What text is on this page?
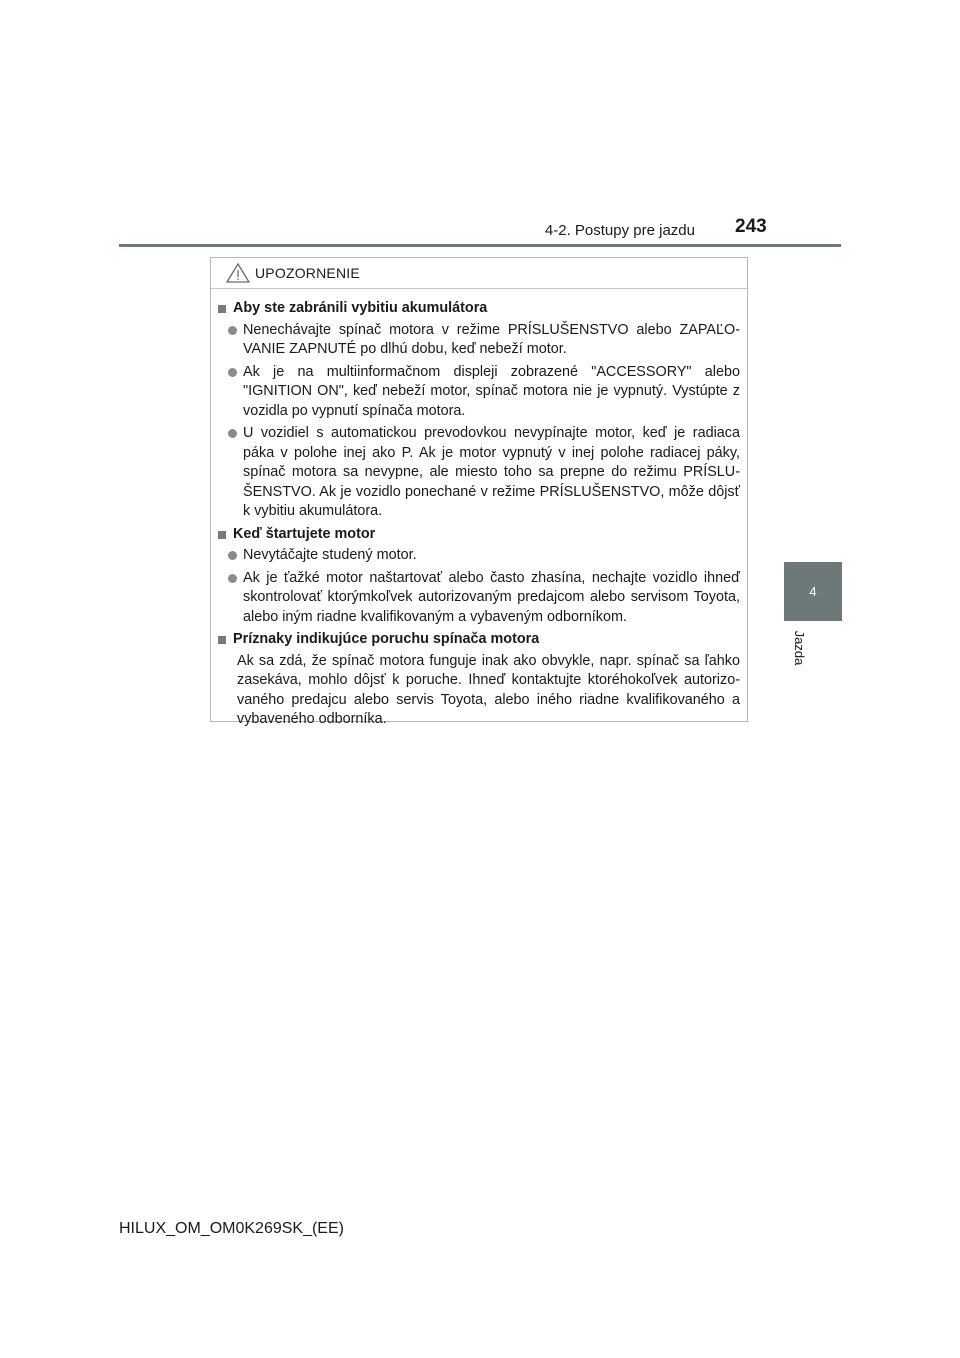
4-2. Postupy pre jazdu 243
4
Jazda
UPOZORNENIE
Aby ste zabránili vybitiu akumulátora
Nenechávajte spínač motora v režime PRÍSLUŠENSTVO alebo ZAPAĽO-VANIE ZAPNUTÉ po dlhú dobu, keď nebeží motor.
Ak je na multiinformačnom displeji zobrazené "ACCESSORY" alebo "IGNITION ON", keď nebeží motor, spínač motora nie je vypnutý. Vystúpte z vozidla po vypnutí spínača motora.
U vozidiel s automatickou prevodovkou nevypínajte motor, keď je radiaca páka v polohe inej ako P. Ak je motor vypnutý v inej polohe radiacej páky, spínač motora sa nevypne, ale miesto toho sa prepne do režimu PRÍSLU-ŠENSTVO. Ak je vozidlo ponechané v režime PRÍSLUŠENSTVO, môže dôjsť k vybitiu akumulátora.
Keď štartujete motor
Nevytáčajte studený motor.
Ak je ťažké motor naštartovať alebo často zhasína, nechajte vozidlo ihneď skontrolovať ktorýmkoľvek autorizovaným predajcom alebo servisom Toyota, alebo iným riadne kvalifikovaným a vybaveným odborníkom.
Príznaky indikujúce poruchu spínača motora
Ak sa zdá, že spínač motora funguje inak ako obvykle, napr. spínač sa ľahko zasekáva, mohlo dôjsť k poruche. Ihneď kontaktujte ktoréhokoľvek autorizo-vaného predajcu alebo servis Toyota, alebo iného riadne kvalifikovaného a vybaveného odborníka.
HILUX_OM_OM0K269SK_(EE)
